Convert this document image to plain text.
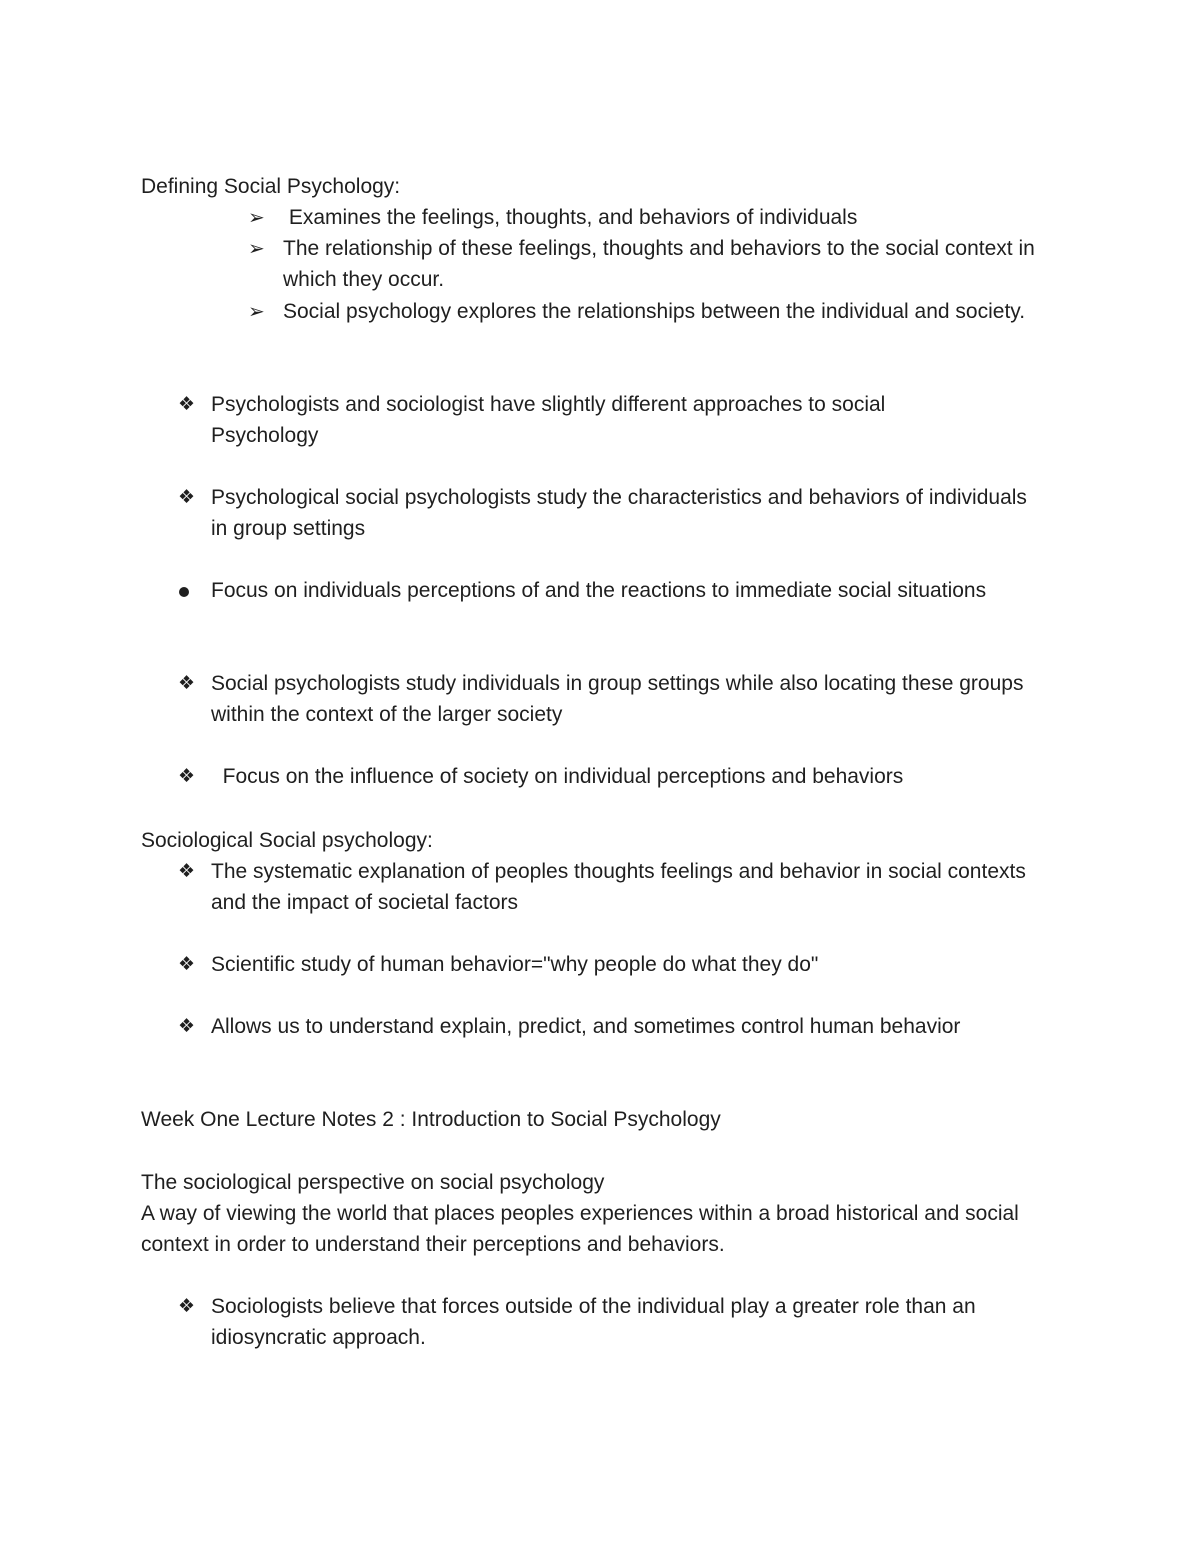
Defining Social Psychology:
➢ Examines the feelings, thoughts, and behaviors of individuals
➢ The relationship of these feelings, thoughts and behaviors to the social context in which they occur.
➢ Social psychology explores the relationships between the individual and society.
❖ Psychologists and sociologist have slightly different approaches to social Psychology
❖ Psychological social psychologists study the characteristics and behaviors of individuals in group settings
Focus on individuals perceptions of and the reactions to immediate social situations
❖ Social psychologists study individuals in group settings while also locating these groups within the context of the larger society
❖ Focus on the influence of society on individual perceptions and behaviors
Sociological Social psychology:
❖ The systematic explanation of peoples thoughts feelings and behavior in social contexts and the impact of societal factors
❖ Scientific study of human behavior="why people do what they do"
❖ Allows us to understand explain, predict, and sometimes control human behavior
Week One Lecture Notes 2 : Introduction to Social Psychology
The sociological perspective on social psychology
A way of viewing the world that places peoples experiences within a broad historical and social context in order to understand their perceptions and behaviors.
❖ Sociologists believe that forces outside of the individual play a greater role than an idiosyncratic approach.
